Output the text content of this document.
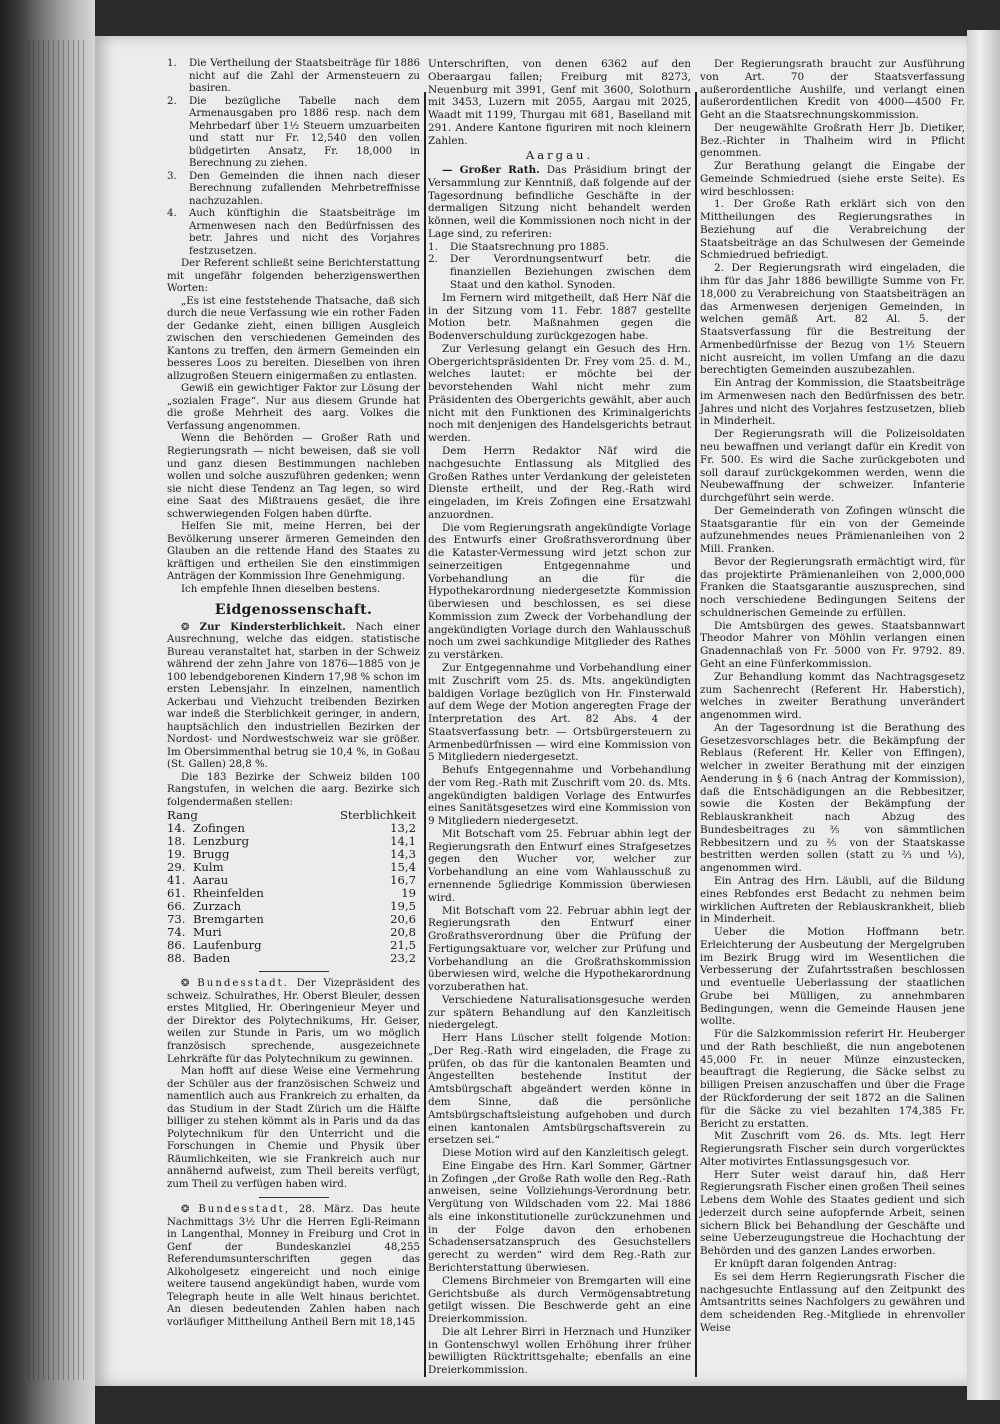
1.	Die Vertheilung der Staatsbeiträge für 1886 nicht auf die Zahl der Armensteuern zu basiren.
2.	Die bezügliche Tabelle nach dem Armenausgaben pro 1886 resp. nach dem Mehrbedarf über 1½ Steuern umzuarbeiten und statt nur Fr. 12,540 den vollen büdgetirten Ansatz, Fr. 18,000 in Berechnung zu ziehen.
3.	Den Gemeinden die ihnen nach dieser Berechnung zufallenden Mehrbetreffnisse nachzuzahlen.
4.	Auch künftighin die Staatsbeiträge im Armenwesen nach den Bedürfnissen des betr. Jahres und nicht des Vorjahres festzusetzen.

Der Referent schließt seine Berichterstattung mit ungefähr folgenden beherzigenswerthen Worten:

„Es ist eine feststehende Thatsache, daß sich durch die neue Verfassung wie ein rother Faden der Gedanke zieht, einen billigen Ausgleich zwischen den verschiedenen Gemeinden des Kantons zu treffen, den ärmern Gemeinden ein besseres Loos zu bereiten. Dieselben von ihren allzugroßen Steuern einigermaßen zu entlasten.

Gewiß ein gewichtiger Faktor zur Lösung der „sozialen Frage“. Nur aus diesem Grunde hat die große Mehrheit des aarg. Volkes die Verfassung angenommen.

Wenn die Behörden — Großer Rath und Regierungsrath — nicht beweisen, daß sie voll und ganz diesen Bestimmungen nachleben wollen und solche auszuführen gedenken; wenn sie nicht diese Tendenz an Tag legen, so wird eine Saat des Mißtrauens gesäet, die ihre schwerwiegenden Folgen haben dürfte.

Helfen Sie mit, meine Herren, bei der Bevölkerung unserer ärmeren Gemeinden den Glauben an die rettende Hand des Staates zu kräftigen und ertheilen Sie den einstimmigen Anträgen der Kommission Ihre Genehmigung.

Ich empfehle Ihnen dieselben bestens.

Eidgenossenschaft.

❂ Zur Kindersterblichkeit. Nach einer Ausrechnung, welche das eidgen. statistische Bureau veranstaltet hat, starben in der Schweiz während der zehn Jahre von 1876—1885 von je 100 lebendgeborenen Kindern 17,98 % schon im ersten Lebensjahr. In einzelnen, namentlich Ackerbau und Viehzucht treibenden Bezirken war indeß die Sterblichkeit geringer, in andern, hauptsächlich den industriellen Bezirken der Nordost- und Nordwestschweiz war sie größer. Im Obersimmenthal betrug sie 10,4 %, in Goßau (St. Gallen) 28,8 %.

Die 183 Bezirke der Schweiz bilden 100 Rangstufen, in welchen die aarg. Bezirke sich folgendermaßen stellen:

Rang		Sterblichkeit
14.	Zofingen	13,2
18.	Lenzburg	14,1
19.	Brugg	14,3
29.	Kulm	15,4
41.	Aarau	16,7
61.	Rheinfelden	19
66.	Zurzach	19,5
73.	Bremgarten	20,6
74.	Muri	20,8
86.	Laufenburg	21,5
88.	Baden	23,2

❂ Bundesstadt. Der Vizepräsident des schweiz. Schulrathes, Hr. Oberst Bleuler, dessen erstes Mitglied, Hr. Oberingenieur Meyer und der Direktor des Polytechnikums, Hr. Geiser, weilen zur Stunde in Paris, um wo möglich französisch sprechende, ausgezeichnete Lehrkräfte für das Polytechnikum zu gewinnen.

Man hofft auf diese Weise eine Vermehrung der Schüler aus der französischen Schweiz und namentlich auch aus Frankreich zu erhalten, da das Studium in der Stadt Zürich um die Hälfte billiger zu stehen kömmt als in Paris und da das Polytechnikum für den Unterricht und die Forschungen in Chemie und Physik über Räumlichkeiten, wie sie Frankreich auch nur annähernd aufweist, zum Theil bereits verfügt, zum Theil zu verfügen haben wird.

❂ Bundesstadt, 28. März. Das heute Nachmittags 3½ Uhr die Herren Egli-Reimann in Langenthal, Monney in Freiburg und Crot in Genf der Bundeskanzlei 48,255 Referendumsunterschriften gegen das Alkoholgesetz eingereicht und noch einige weitere tausend angekündigt haben, wurde vom Telegraph heute in alle Welt hinaus berichtet. An diesen bedeutenden Zahlen haben nach vorläufiger Mittheilung Antheil Bern mit 18,145

Unterschriften, von denen 6362 auf den Oberaargau fallen; Freiburg mit 8273, Neuenburg mit 3991, Genf mit 3600, Solothurn mit 3453, Luzern mit 2055, Aargau mit 2025, Waadt mit 1199, Thurgau mit 681, Baselland mit 291. Andere Kantone figuriren mit noch kleinern Zahlen.

Aargau.

— Großer Rath. Das Präsidium bringt der Versammlung zur Kenntniß, daß folgende auf der Tagesordnung befindliche Geschäfte in der dermaligen Sitzung nicht behandelt werden können, weil die Kommissionen noch nicht in der Lage sind, zu referiren:

1.	Die Staatsrechnung pro 1885.
2.	Der Verordnungsentwurf betr. die finanziellen Beziehungen zwischen dem Staat und den kathol. Synoden.

Im Fernern wird mitgetheilt, daß Herr Näf die in der Sitzung vom 11. Febr. 1887 gestellte Motion betr. Maßnahmen gegen die Bodenverschuldung zurückgezogen habe.

Zur Verlesung gelangt ein Gesuch des Hrn. Obergerichtspräsidenten Dr. Frey vom 25. d. M., welches lautet: er möchte bei der bevorstehenden Wahl nicht mehr zum Präsidenten des Obergerichts gewählt, aber auch nicht mit den Funktionen des Kriminalgerichts noch mit denjenigen des Handelsgerichts betraut werden.

Dem Herrn Redaktor Näf wird die nachgesuchte Entlassung als Mitglied des Großen Rathes unter Verdankung der geleisteten Dienste ertheilt, und der Reg.-Rath wird eingeladen, im Kreis Zofingen eine Ersatzwahl anzuordnen.

Die vom Regierungsrath angekündigte Vorlage des Entwurfs einer Großrathsverordnung über die Kataster-Vermessung wird jetzt schon zur seinerzeitigen Entgegennahme und Vorbehandlung an die für die Hypothekarordnung niedergesetzte Kommission überwiesen und beschlossen, es sei diese Kommission zum Zweck der Vorbehandlung der angekündigten Vorlage durch den Wahlausschuß noch um zwei sachkundige Mitglieder des Rathes zu verstärken.

Zur Entgegennahme und Vorbehandlung einer mit Zuschrift vom 25. ds. Mts. angekündigten baldigen Vorlage bezüglich von Hr. Finsterwald auf dem Wege der Motion angeregten Frage der Interpretation des Art. 82 Abs. 4 der Staatsverfassung betr. — Ortsbürgersteuern zu Armenbedürfnissen — wird eine Kommission von 5 Mitgliedern niedergesetzt.

Behufs Entgegennahme und Vorbehandlung der vom Reg.-Rath mit Zuschrift vom 20. ds. Mts. angekündigten baldigen Vorlage des Entwurfes eines Sanitätsgesetzes wird eine Kommission von 9 Mitgliedern niedergesetzt.

Mit Botschaft vom 25. Februar abhin legt der Regierungsrath den Entwurf eines Strafgesetzes gegen den Wucher vor, welcher zur Vorbehandlung an eine vom Wahlausschuß zu ernennende 5gliedrige Kommission überwiesen wird.

Mit Botschaft vom 22. Februar abhin legt der Regierungsrath den Entwurf einer Großrathsverordnung über die Prüfung der Fertigungsaktuare vor, welcher zur Prüfung und Vorbehandlung an die Großrathskommission überwiesen wird, welche die Hypothekarordnung vorzuberathen hat.

Verschiedene Naturalisationsgesuche werden zur spätern Behandlung auf den Kanzleitisch niedergelegt.

Herr Hans Lüscher stellt folgende Motion: „Der Reg.-Rath wird eingeladen, die Frage zu prüfen, ob das für die kantonalen Beamten und Angestellten bestehende Institut der Amtsbürgschaft abgeändert werden könne in dem Sinne, daß die persönliche Amtsbürgschaftsleistung aufgehoben und durch einen kantonalen Amtsbürgschaftsverein zu ersetzen sei.“

Diese Motion wird auf den Kanzleitisch gelegt.

Eine Eingabe des Hrn. Karl Sommer, Gärtner in Zofingen „der Große Rath wolle den Reg.-Rath anweisen, seine Vollziehungs-Verordnung betr. Vergütung von Wildschaden vom 22. Mai 1886 als eine inkonstitutionelle zurückzunehmen und in der Folge davon den erhobenen Schadensersatzanspruch des Gesuchstellers gerecht zu werden“ wird dem Reg.-Rath zur Berichterstattung überwiesen.

Clemens Birchmeier von Bremgarten will eine Gerichtsbuße als durch Vermögensabtretung getilgt wissen. Die Beschwerde geht an eine Dreierkommission.

Die alt Lehrer Birri in Herznach und Hunziker in Gontenschwyl wollen Erhöhung ihrer früher bewilligten Rücktrittsgehalte; ebenfalls an eine Dreierkommission.

Der Regierungsrath braucht zur Ausführung von Art. 70 der Staatsverfassung außerordentliche Aushilfe, und verlangt einen außerordentlichen Kredit von 4000—4500 Fr. Geht an die Staatsrechnungskommission.

Der neugewählte Großrath Herr Jb. Dietiker, Bez.-Richter in Thalheim wird in Pflicht genommen.

Zur Berathung gelangt die Eingabe der Gemeinde Schmiedrued (siehe erste Seite). Es wird beschlossen:

1. Der Große Rath erklärt sich von den Mittheilungen des Regierungsrathes in Beziehung auf die Verabreichung der Staatsbeiträge an das Schulwesen der Gemeinde Schmiedrued befriedigt.

2. Der Regierungsrath wird eingeladen, die ihm für das Jahr 1886 bewilligte Summe von Fr. 18,000 zu Verabreichung von Staatsbeiträgen an das Armenwesen derjenigen Gemeinden, in welchen gemäß Art. 82 Al. 5. der Staatsverfassung für die Bestreitung der Armenbedürfnisse der Bezug von 1½ Steuern nicht ausreicht, im vollen Umfang an die dazu berechtigten Gemeinden auszubezahlen.

Ein Antrag der Kommission, die Staatsbeiträge im Armenwesen nach den Bedürfnissen des betr. Jahres und nicht des Vorjahres festzusetzen, blieb in Minderheit.

Der Regierungsrath will die Polizeisoldaten neu bewaffnen und verlangt dafür ein Kredit von Fr. 500. Es wird die Sache zurückgeboten und soll darauf zurückgekommen werden, wenn die Neubewaffnung der schweizer. Infanterie durchgeführt sein werde.

Der Gemeinderath von Zofingen wünscht die Staatsgarantie für ein von der Gemeinde aufzunehmendes neues Prämienanleihen von 2 Mill. Franken.

Bevor der Regierungsrath ermächtigt wird, für das projektirte Prämienanleihen von 2,000,000 Franken die Staatsgarantie auszusprechen, sind noch verschiedene Bedingungen Seitens der schuldnerischen Gemeinde zu erfüllen.

Die Amtsbürgen des gewes. Staatsbannwart Theodor Mahrer von Möhlin verlangen einen Gnadennachlaß von Fr. 5000 von Fr. 9792. 89. Geht an eine Fünferkommission.

Zur Behandlung kommt das Nachtragsgesetz zum Sachenrecht (Referent Hr. Haberstich), welches in zweiter Berathung unverändert angenommen wird.

An der Tagesordnung ist die Berathung des Gesetzesvorschlages betr. die Bekämpfung der Reblaus (Referent Hr. Keller von Effingen), welcher in zweiter Berathung mit der einzigen Aenderung in § 6 (nach Antrag der Kommission), daß die Entschädigungen an die Rebbesitzer, sowie die Kosten der Bekämpfung der Reblauskrankheit nach Abzug des Bundesbeitrages zu ⅗ von sämmtlichen Rebbesitzern und zu ⅖ von der Staatskasse bestritten werden sollen (statt zu ⅔ und ⅓), angenommen wird.

Ein Antrag des Hrn. Läubli, auf die Bildung eines Rebfondes erst Bedacht zu nehmen beim wirklichen Auftreten der Reblauskrankheit, blieb in Minderheit.

Ueber die Motion Hoffmann betr. Erleichterung der Ausbeutung der Mergelgruben im Bezirk Brugg wird im Wesentlichen die Verbesserung der Zufahrtsstraßen beschlossen und eventuelle Ueberlassung der staatlichen Grube bei Mülligen, zu annehmbaren Bedingungen, wenn die Gemeinde Hausen jene wollte.

Für die Salzkommission referirt Hr. Heuberger und der Rath beschließt, die nun angebotenen 45,000 Fr. in neuer Münze einzustecken, beauftragt die Regierung, die Säcke selbst zu billigen Preisen anzuschaffen und über die Frage der Rückforderung der seit 1872 an die Salinen für die Säcke zu viel bezahlten 174,385 Fr. Bericht zu erstatten.

Mit Zuschrift vom 26. ds. Mts. legt Herr Regierungsrath Fischer sein durch vorgerücktes Alter motivirtes Entlassungsgesuch vor.

Herr Suter weist darauf hin, daß Herr Regierungsrath Fischer einen großen Theil seines Lebens dem Wohle des Staates gedient und sich jederzeit durch seine aufopfernde Arbeit, seinen sichern Blick bei Behandlung der Geschäfte und seine Ueberzeugungstreue die Hochachtung der Behörden und des ganzen Landes erworben.

Er knüpft daran folgenden Antrag:

Es sei dem Herrn Regierungsrath Fischer die nachgesuchte Entlassung auf den Zeitpunkt des Amtsantritts seines Nachfolgers zu gewähren und dem scheidenden Reg.-Mitgliede in ehrenvoller Weise
